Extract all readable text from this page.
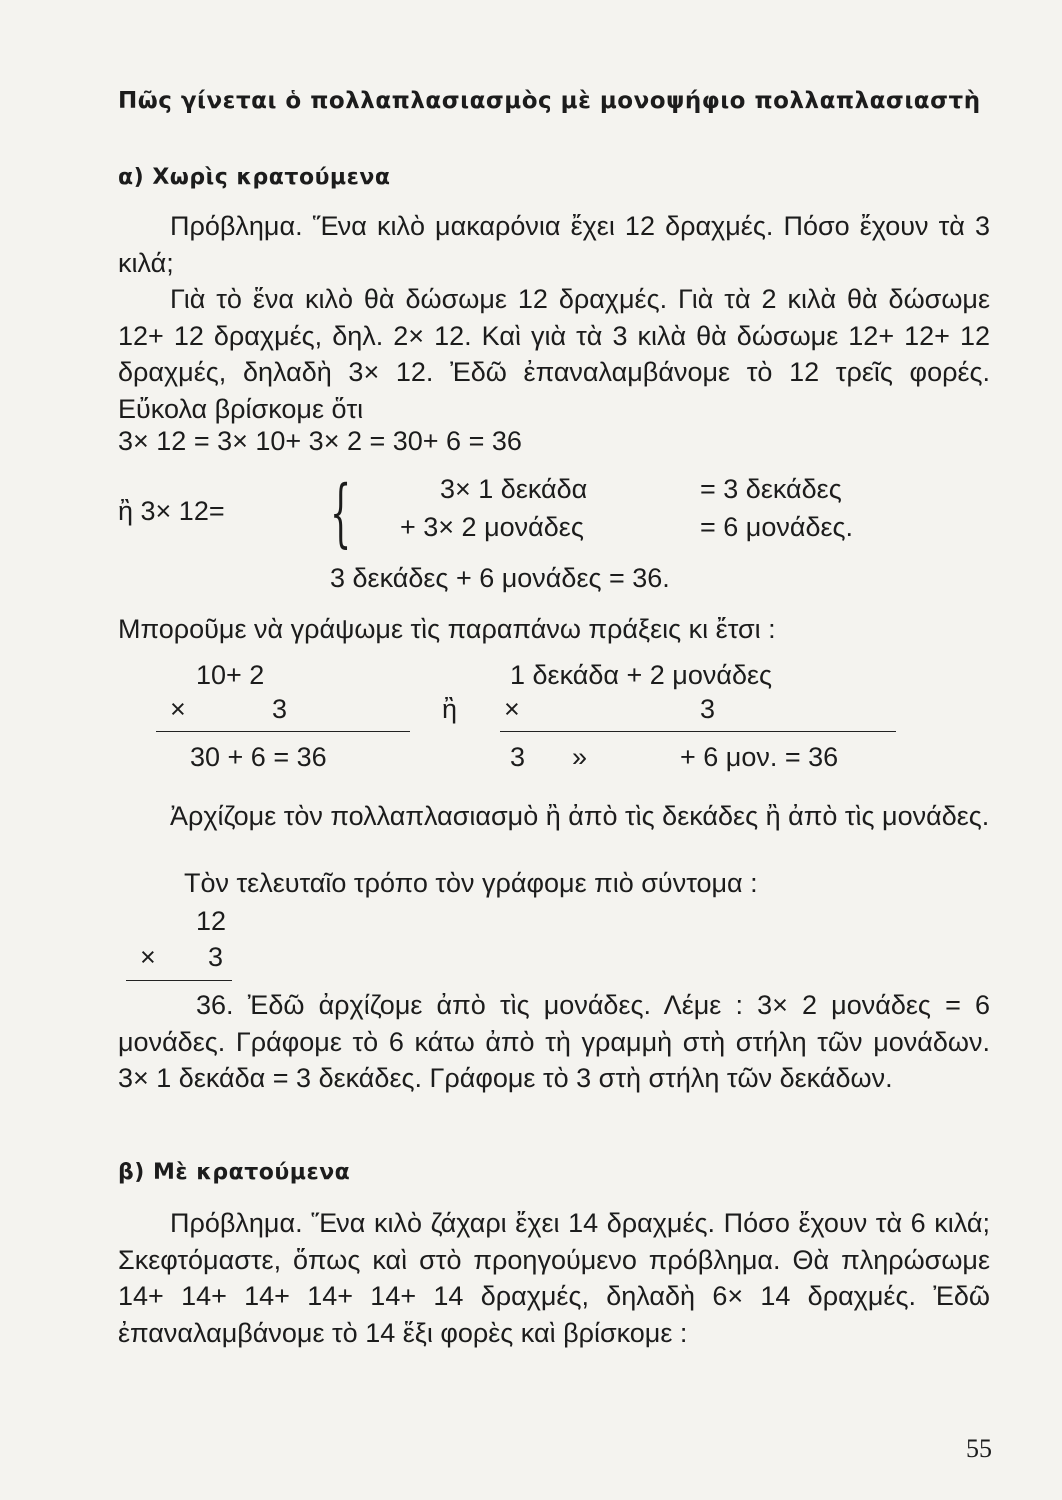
Πῶς γίνεται ὁ πολλαπλασιασμὸς μὲ μονοψήφιο πολλαπλασιαστὴ
α) Χωρὶς κρατούμενα
Πρόβλημα. Ἕνα κιλὸ μακαρόνια ἔχει 12 δραχμές. Πόσο ἔχουν τὰ 3 κιλά;
Γιὰ τὸ ἕνα κιλὸ θὰ δώσωμε 12 δραχμές. Γιὰ τὰ 2 κιλὰ θὰ δώσωμε 12+ 12 δραχμές, δηλ. 2× 12. Καὶ γιὰ τὰ 3 κιλὰ θὰ δώσωμε 12+ 12+ 12 δραχμές, δηλαδὴ 3× 12. Ἐδῶ ἐπαναλαμβάνομε τὸ 12 τρεῖς φορές. Εὔκολα βρίσκομε ὅτι
3× 12 = 3× 10+ 3× 2 = 30+ 6 = 36
ἢ 3× 12= {	3× 1 δεκάδα	= 3 δεκάδες
+ 3× 2 μονάδες	= 6 μονάδες.
3 δεκάδες + 6 μονάδες = 36.
Μποροῦμε νὰ γράψωμε τὶς παραπάνω πράξεις κι ἔτσι :
10+ 2
×	3
30 + 6 = 36
ἢ
1 δεκάδα + 2 μονάδες
×	3
3 »	+ 6 μον. = 36
Ἀρχίζομε τὸν πολλαπλασιασμὸ ἢ ἀπὸ τὶς δεκάδες ἢ ἀπὸ τὶς μονάδες.
Τὸν τελευταῖο τρόπο τὸν γράφομε πιὸ σύντομα :
12
× 3
36. Ἐδῶ ἀρχίζομε ἀπὸ τὶς μονάδες. Λέμε : 3× 2 μονάδες = 6 μονάδες. Γράφομε τὸ 6 κάτω ἀπὸ τὴ γραμμὴ στὴ στήλη τῶν μονάδων. 3× 1 δεκάδα = 3 δεκάδες. Γράφομε τὸ 3 στὴ στήλη τῶν δεκάδων.
β) Μὲ κρατούμενα
Πρόβλημα. Ἕνα κιλὸ ζάχαρι ἔχει 14 δραχμές. Πόσο ἔχουν τὰ 6 κιλά; Σκεφτόμαστε, ὅπως καὶ στὸ προηγούμενο πρόβλημα. Θὰ πληρώσωμε 14+ 14+ 14+ 14+ 14+ 14 δραχμές, δηλαδὴ 6× 14 δραχμές. Ἐδῶ ἐπαναλαμβάνομε τὸ 14 ἕξι φορὲς καὶ βρίσκομε :
55
